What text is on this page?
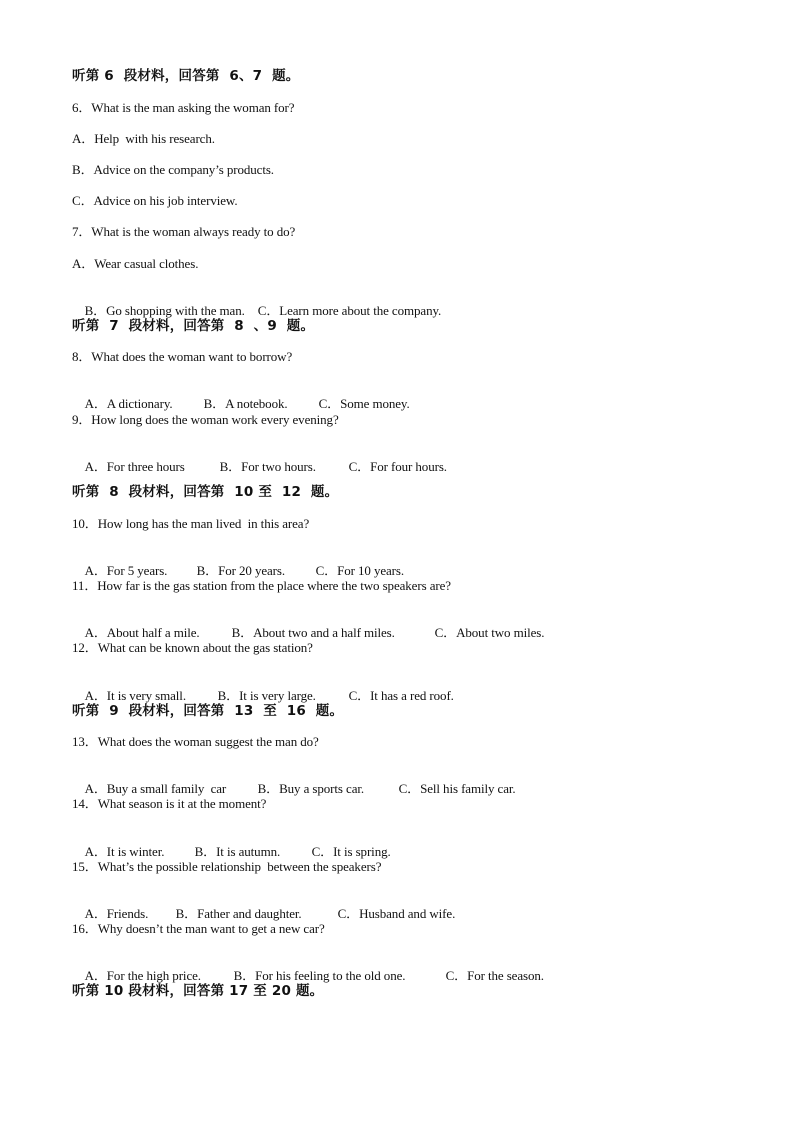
听第 6  段材料，回答第  6、7  题。
6．What is the man asking the woman for?
A．Help  with his research.
B．Advice on the company’s products.
C．Advice on his job interview.
7．What is the woman always ready to do?
A．Wear casual clothes.

B．Go shopping with the man. C．Learn more about the company.

听第  7  段材料，回答第  8  、9  题。
8．What does the woman want to borrow?

A．A dictionary. B．A notebook. C．Some money.

9．How long does the woman work every evening?

A．For three hours	B．For two hours.	C．For four hours.

听第  8  段材料，回答第  10 至  12  题。
10．How long has the man lived  in this area?

A．For 5 years. B．For 20 years. C．For 10 years.

11．How far is the gas station from the place where the two speakers are?

A．About half a mile. B．About two and a half miles.	C．About two miles.

12．What can be known about the gas station?

A．It is very small. B．It is very large.	C．It has a red roof.

听第  9  段材料，回答第  13  至  16  题。
13．What does the woman suggest the man do?

A．Buy a small family  car B．Buy a sports car.	C．Sell his family car.

14．What season is it at the moment?

A．It is winter. B．It is autumn. C．It is spring.

15．What’s the possible relationship  between the speakers?

A．Friends. B．Father and daughter.	C．Husband and wife.

16．Why doesn’t the man want to get a new car?

A．For the high price.	B．For his feeling to the old one.	C．For the season.

听第 10 段材料，回答第 17 至 20 题。
